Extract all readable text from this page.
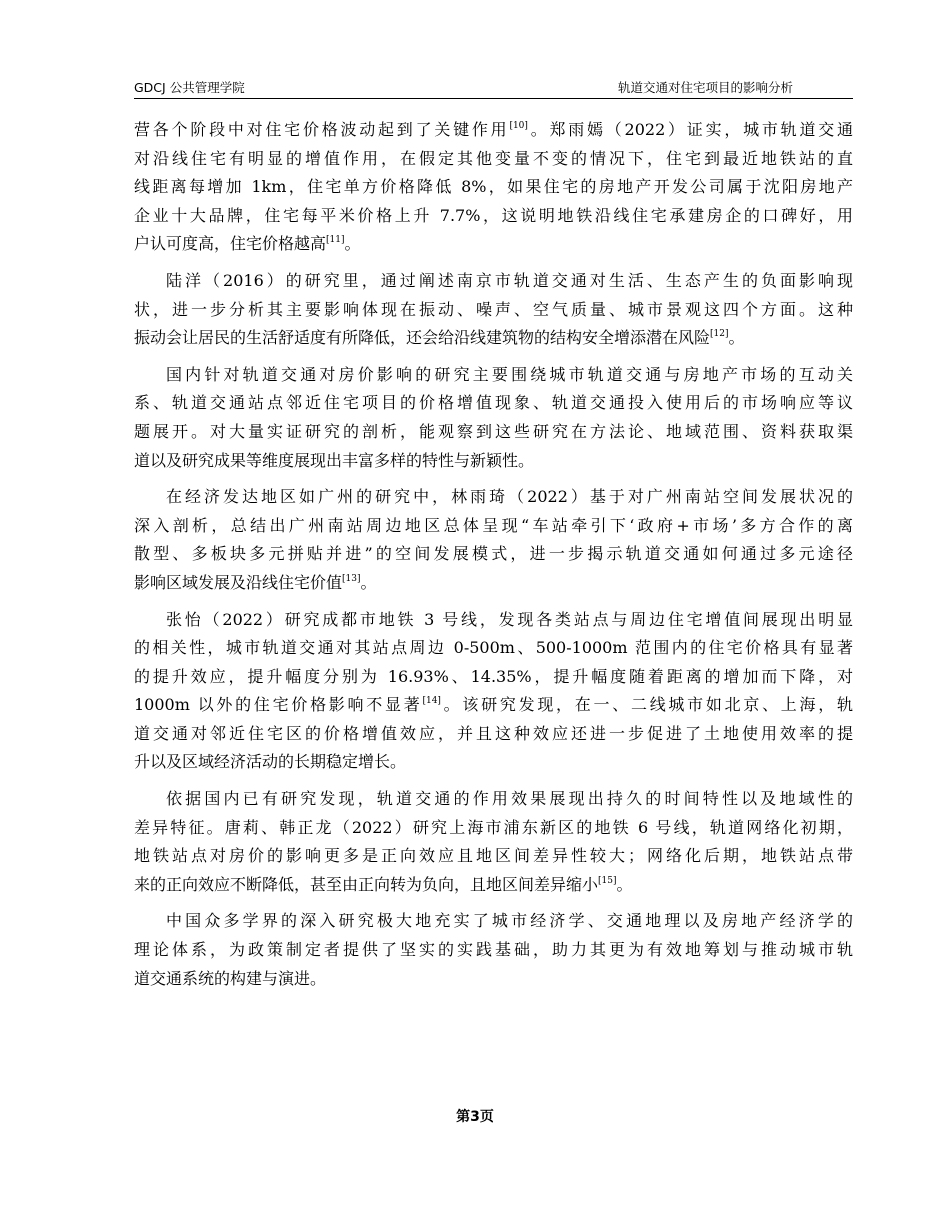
GDCJ 公共管理学院	轨道交通对住宅项目的影响分析
营各个阶段中对住宅价格波动起到了关键作用[10]。郑雨嫣（2022）证实，城市轨道交通
对沿线住宅有明显的增值作用，在假定其他变量不变的情况下，住宅到最近地铁站的直
线距离每增加 1km，住宅单方价格降低 8%，如果住宅的房地产开发公司属于沈阳房地产
企业十大品牌，住宅每平米价格上升 7.7%，这说明地铁沿线住宅承建房企的口碑好，用
户认可度高，住宅价格越高[11]。
陆洋（2016）的研究里，通过阐述南京市轨道交通对生活、生态产生的负面影响现
状，进一步分析其主要影响体现在振动、噪声、空气质量、城市景观这四个方面。这种
振动会让居民的生活舒适度有所降低，还会给沿线建筑物的结构安全增添潜在风险[12]。
国内针对轨道交通对房价影响的研究主要围绕城市轨道交通与房地产市场的互动关
系、轨道交通站点邻近住宅项目的价格增值现象、轨道交通投入使用后的市场响应等议
题展开。对大量实证研究的剖析，能观察到这些研究在方法论、地域范围、资料获取渠
道以及研究成果等维度展现出丰富多样的特性与新颖性。
在经济发达地区如广州的研究中，林雨琦（2022）基于对广州南站空间发展状况的
深入剖析，总结出广州南站周边地区总体呈现“车站牵引下‘政府+市场’多方合作的离
散型、多板块多元拼贴并进”的空间发展模式，进一步揭示轨道交通如何通过多元途径
影响区域发展及沿线住宅价值[13]。
张怡（2022）研究成都市地铁 3 号线，发现各类站点与周边住宅增值间展现出明显
的相关性，城市轨道交通对其站点周边 0-500m、500-1000m 范围内的住宅价格具有显著
的提升效应，提升幅度分别为 16.93%、14.35%，提升幅度随着距离的增加而下降，对
1000m 以外的住宅价格影响不显著[14]。该研究发现，在一、二线城市如北京、上海，轨
道交通对邻近住宅区的价格增值效应，并且这种效应还进一步促进了土地使用效率的提
升以及区域经济活动的长期稳定增长。
依据国内已有研究发现，轨道交通的作用效果展现出持久的时间特性以及地域性的
差异特征。唐莉、韩正龙（2022）研究上海市浦东新区的地铁 6 号线，轨道网络化初期，
地铁站点对房价的影响更多是正向效应且地区间差异性较大；网络化后期，地铁站点带
来的正向效应不断降低，甚至由正向转为负向，且地区间差异缩小[15]。
中国众多学界的深入研究极大地充实了城市经济学、交通地理以及房地产经济学的
理论体系，为政策制定者提供了坚实的实践基础，助力其更为有效地筹划与推动城市轨
道交通系统的构建与演进。
第3页
